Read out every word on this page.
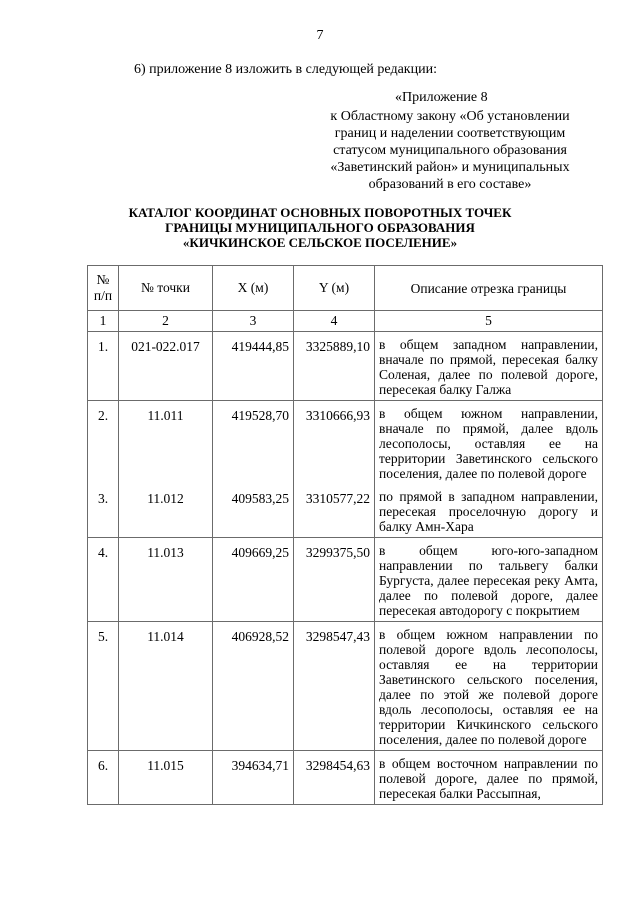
7
6) приложение 8 изложить в следующей редакции:
«Приложение 8
к Областному закону «Об установлении
границ и наделении соответствующим
статусом муниципального образования
«Заветинский район» и муниципальных
образований в его составе»
КАТАЛОГ КООРДИНАТ ОСНОВНЫХ ПОВОРОТНЫХ ТОЧЕК
ГРАНИЦЫ МУНИЦИПАЛЬНОГО ОБРАЗОВАНИЯ
«КИЧКИНСКОЕ СЕЛЬСКОЕ ПОСЕЛЕНИЕ»
№ п/п	№ точки	X (м)	Y (м)	Описание отрезка границы
1	2	3	4	5
1.	021-022.017	419444,85	3325889,10	в общем западном направлении, вначале по прямой, пересекая балку Соленая, далее по полевой дороге, пересекая балку Галжа
2.	11.011	419528,70	3310666,93	в общем южном направлении, вначале по прямой, далее вдоль лесополосы, оставляя ее на территории Заветинского сельского поселения, далее по полевой дороге
3.	11.012	409583,25	3310577,22	по прямой в западном направлении, пересекая проселочную дорогу и балку Амн-Хара
4.	11.013	409669,25	3299375,50	в общем юго-юго-западном направлении по тальвегу балки Бургуста, далее пересекая реку Амта, далее по полевой дороге, далее пересекая автодорогу с покрытием
5.	11.014	406928,52	3298547,43	в общем южном направлении по полевой дороге вдоль лесополосы, оставляя ее на территории Заветинского сельского поселения, далее по этой же полевой дороге вдоль лесополосы, оставляя ее на территории Кичкинского сельского поселения, далее по полевой дороге
6.	11.015	394634,71	3298454,63	в общем восточном направлении по полевой дороге, далее по прямой, пересекая балки Рассыпная,
